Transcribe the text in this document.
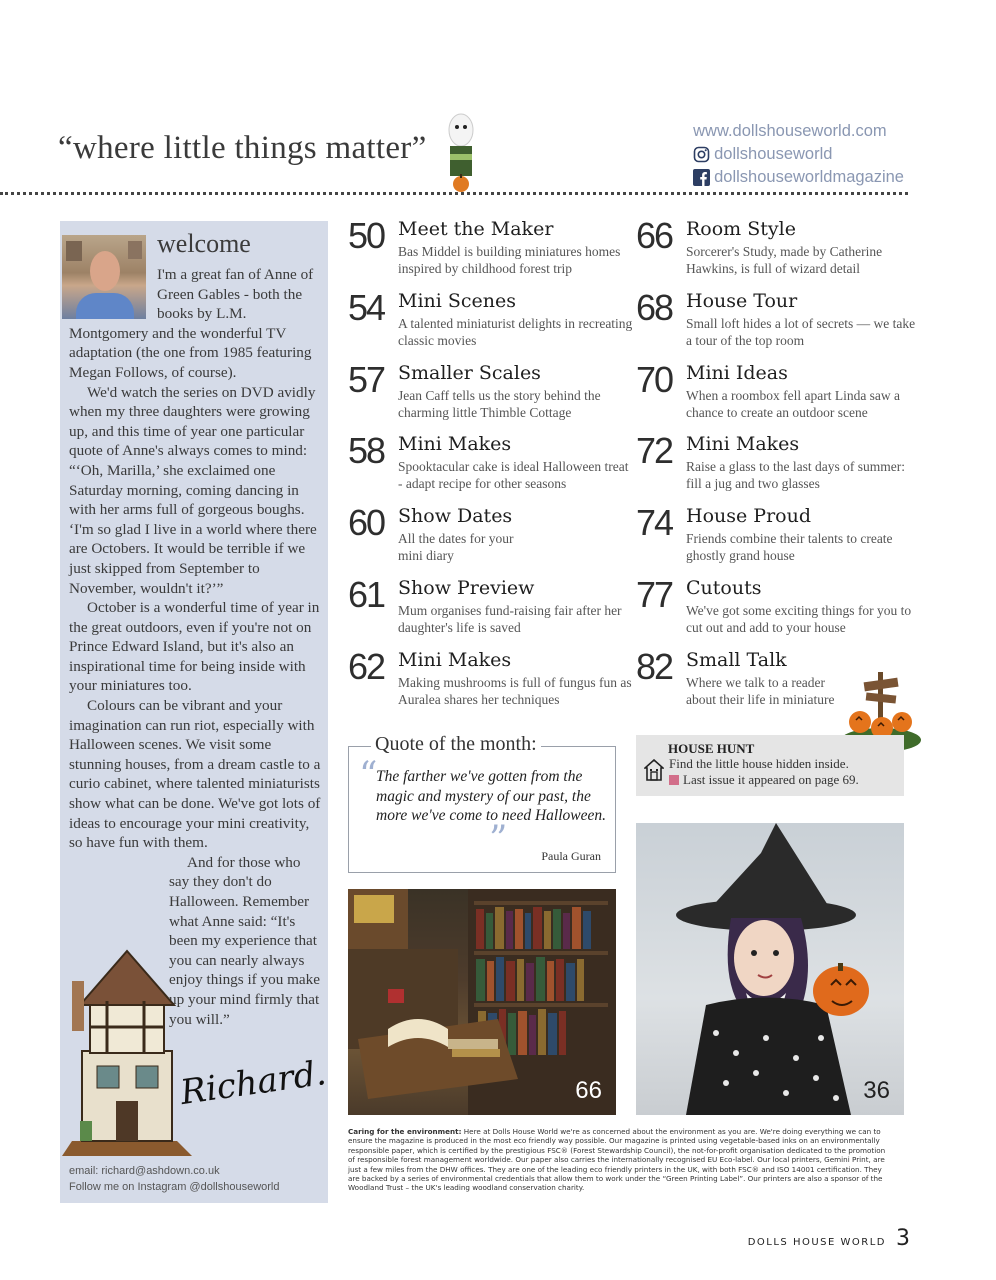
“where little things matter”	www.dollshouseworld.com
dollshouseworld
dollshouseworldmagazine
welcome

I'm a great fan of Anne of Green Gables - both the books by L.M. Montgomery and the wonderful TV adaptation (the one from 1985 featuring Megan Follows, of course).

We'd watch the series on DVD avidly when my three daughters were growing up, and this time of year one particular quote of Anne's always comes to mind: “‘Oh, Marilla,’ she exclaimed one Saturday morning, coming dancing in with her arms full of gorgeous boughs. ‘I'm so glad I live in a world where there are Octobers. It would be terrible if we just skipped from September to November, wouldn't it?’”

October is a wonderful time of year in the great outdoors, even if you're not on Prince Edward Island, but it's also an inspirational time for being inside with your miniatures too.

Colours can be vibrant and your imagination can run riot, especially with Halloween scenes. We visit some stunning houses, from a dream castle to a curio cabinet, where talented miniaturists show what can be done. We've got lots of ideas to encourage your mini creativity, so have fun with them.

And for those who say they don't do Halloween. Remember what Anne said: “It's been my experience that you can nearly always enjoy things if you make up your mind firmly that you will.”

Richard.
email: richard@ashdown.co.uk
Follow me on Instagram @dollshouseworld
50 Meet the Maker
Bas Middel is building miniatures homes inspired by childhood forest trip
54 Mini Scenes
A talented miniaturist delights in recreating classic movies
57 Smaller Scales
Jean Caff tells us the story behind the charming little Thimble Cottage
58 Mini Makes
Spooktacular cake is ideal Halloween treat - adapt recipe for other seasons
60 Show Dates
All the dates for your mini diary
61 Show Preview
Mum organises fund-raising fair after her daughter's life is saved
62 Mini Makes
Making mushrooms is full of fungus fun as Auralea shares her techniques
66 Room Style
Sorcerer's Study, made by Catherine Hawkins, is full of wizard detail
68 House Tour
Small loft hides a lot of secrets — we take a tour of the top room
70 Mini Ideas
When a roombox fell apart Linda saw a chance to create an outdoor scene
72 Mini Makes
Raise a glass to the last days of summer: fill a jug and two glasses
74 House Proud
Friends combine their talents to create ghostly grand house
77 Cutouts
We've got some exciting things for you to cut out and add to your house
82 Small Talk
Where we talk to a reader about their life in miniature
Quote of the month:
“
The farther we've gotten from the magic and mystery of our past, the more we've come to need Halloween.
”	Paula Guran
HOUSE HUNT
Find the little house hidden inside.
Last issue it appeared on page 69.
66	36
Caring for the environment: Here at Dolls House World we're as concerned about the environment as you are. We're doing everything we can to ensure the magazine is produced in the most eco friendly way possible. Our magazine is printed using vegetable-based inks on an environmentally responsible paper, which is certified by the prestigious FSC® (Forest Stewardship Council), the not-for-profit organisation dedicated to the promotion of responsible forest management worldwide. Our paper also carries the internationally recognised EU Eco-label. Our local printers, Gemini Print, are just a few miles from the DHW offices. They are one of the leading eco friendly printers in the UK, with both FSC® and ISO 14001 certification. They are backed by a series of environmental credentials that allow them to work under the “Green Printing Label”. Our printers are also a sponsor of the Woodland Trust – the UK's leading woodland conservation charity.
DOLLS HOUSE WORLD 3
